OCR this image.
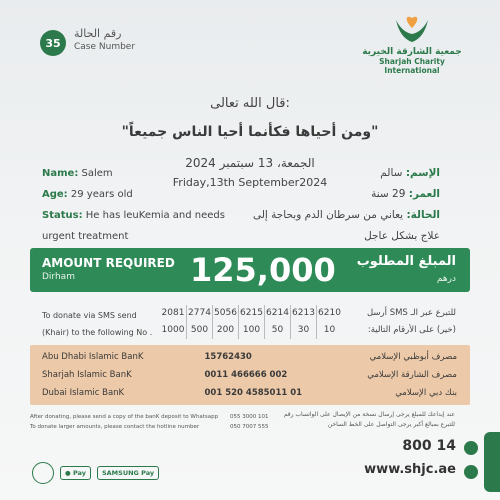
35
رقم الحالة
Case Number	جمعية الشارقة الخيرية
Sharjah Charity International
قال الله تعالى:
"ومن أحياها فكأنما أحيا الناس جميعاً"
الجمعة، 13 سبتمبر 2024
Friday,13th September2024
Name: Salem
Age: 29 years old
Status: He has leuKemia and needs urgent treatment
الإسم: سالم
العمر: 29 سنة
الحالة: يعاني من سرطان الدم وبحاجة إلى علاج بشكل عاجل
AMOUNT REQUIRED
Dirham	125,000 المبلغ المطلوب
درهم
To donate via SMS send
(Khair) to the following No .
2081 2774 5056 6215 6214 6213 6210
1000 500 200 100	50	30	10
للتبرع عبر الـ SMS أرسل
(خير) على الأرقام التالية:
Abu Dhabi Islamic BanK	15762430	مصرف أبوظبي الإسلامي
Sharjah Islamic BanK	0011 466666 002	مصرف الشارقة الإسلامي
Dubai Islamic BanK	001 520 4585011 01	بنك دبي الإسلامي
After donating, please send a copy of the banK deposit to Whatsapp
To donate larger amounts, please contact the hotline number
055 3000 101
050 7007 555
عند إيداعك للمبلغ يرجى إرسال نسخة من الإيصال على الواتساب رقم
للتبرع بمبالغ أكبر يرجى التواصل على الخط الساخن
800 14
www.shjc.ae
● Pay	SAMSUNG Pay
